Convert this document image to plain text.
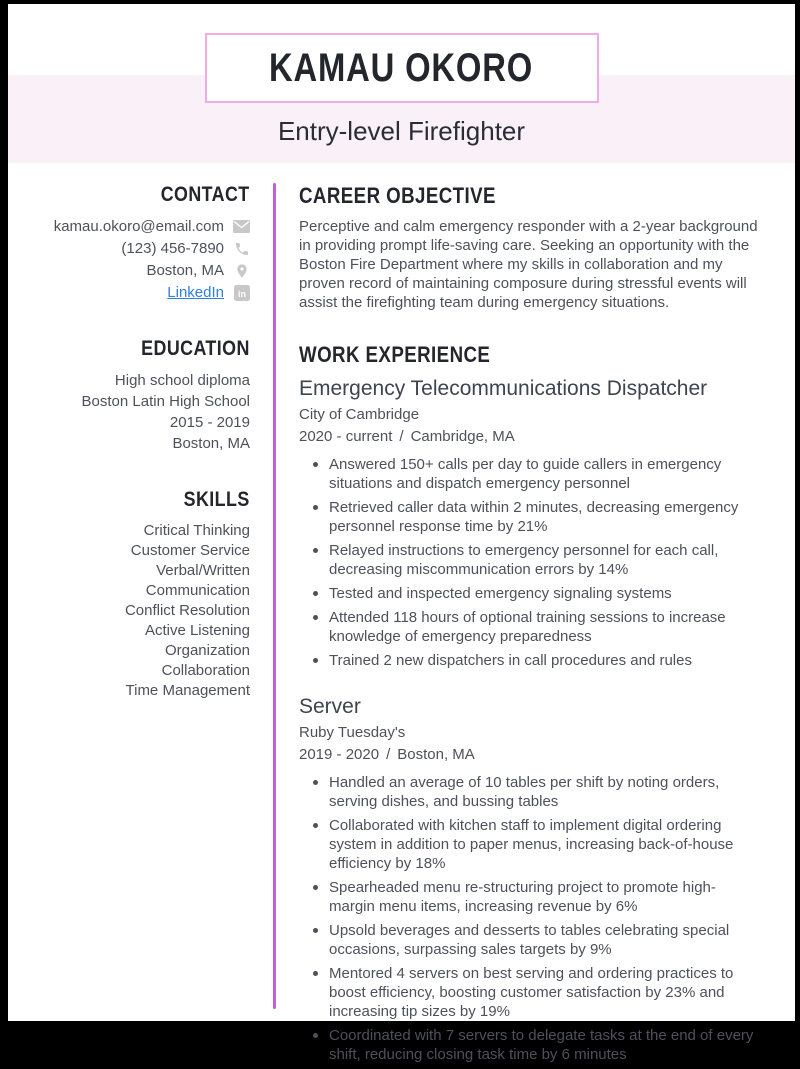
KAMAU OKORO
Entry-level Firefighter
CONTACT
kamau.okoro@email.com
(123) 456-7890
Boston, MA
LinkedIn in
EDUCATION
High school diploma
Boston Latin High School
2015 - 2019
Boston, MA
SKILLS
Critical Thinking
Customer Service
Verbal/Written Communication
Conflict Resolution
Active Listening
Organization
Collaboration
Time Management
CAREER OBJECTIVE

Perceptive and calm emergency responder with a 2-year background in providing prompt life-saving care. Seeking an opportunity with the Boston Fire Department where my skills in collaboration and my proven record of maintaining composure during stressful events will assist the firefighting team during emergency situations.

WORK EXPERIENCE
Emergency Telecommunications Dispatcher
City of Cambridge
2020 - current / Cambridge, MA
Answered 150+ calls per day to guide callers in emergency situations and dispatch emergency personnel
Retrieved caller data within 2 minutes, decreasing emergency personnel response time by 21%
Relayed instructions to emergency personnel for each call, decreasing miscommunication errors by 14%
Tested and inspected emergency signaling systems
Attended 118 hours of optional training sessions to increase knowledge of emergency preparedness
Trained 2 new dispatchers in call procedures and rules
Server
Ruby Tuesday's
2019 - 2020 / Boston, MA
Handled an average of 10 tables per shift by noting orders, serving dishes, and bussing tables
Collaborated with kitchen staff to implement digital ordering system in addition to paper menus, increasing back-of-house efficiency by 18%
Spearheaded menu re-structuring project to promote high-margin menu items, increasing revenue by 6%
Upsold beverages and desserts to tables celebrating special occasions, surpassing sales targets by 9%
Mentored 4 servers on best serving and ordering practices to boost efficiency, boosting customer satisfaction by 23% and increasing tip sizes by 19%
Coordinated with 7 servers to delegate tasks at the end of every shift, reducing closing task time by 6 minutes
